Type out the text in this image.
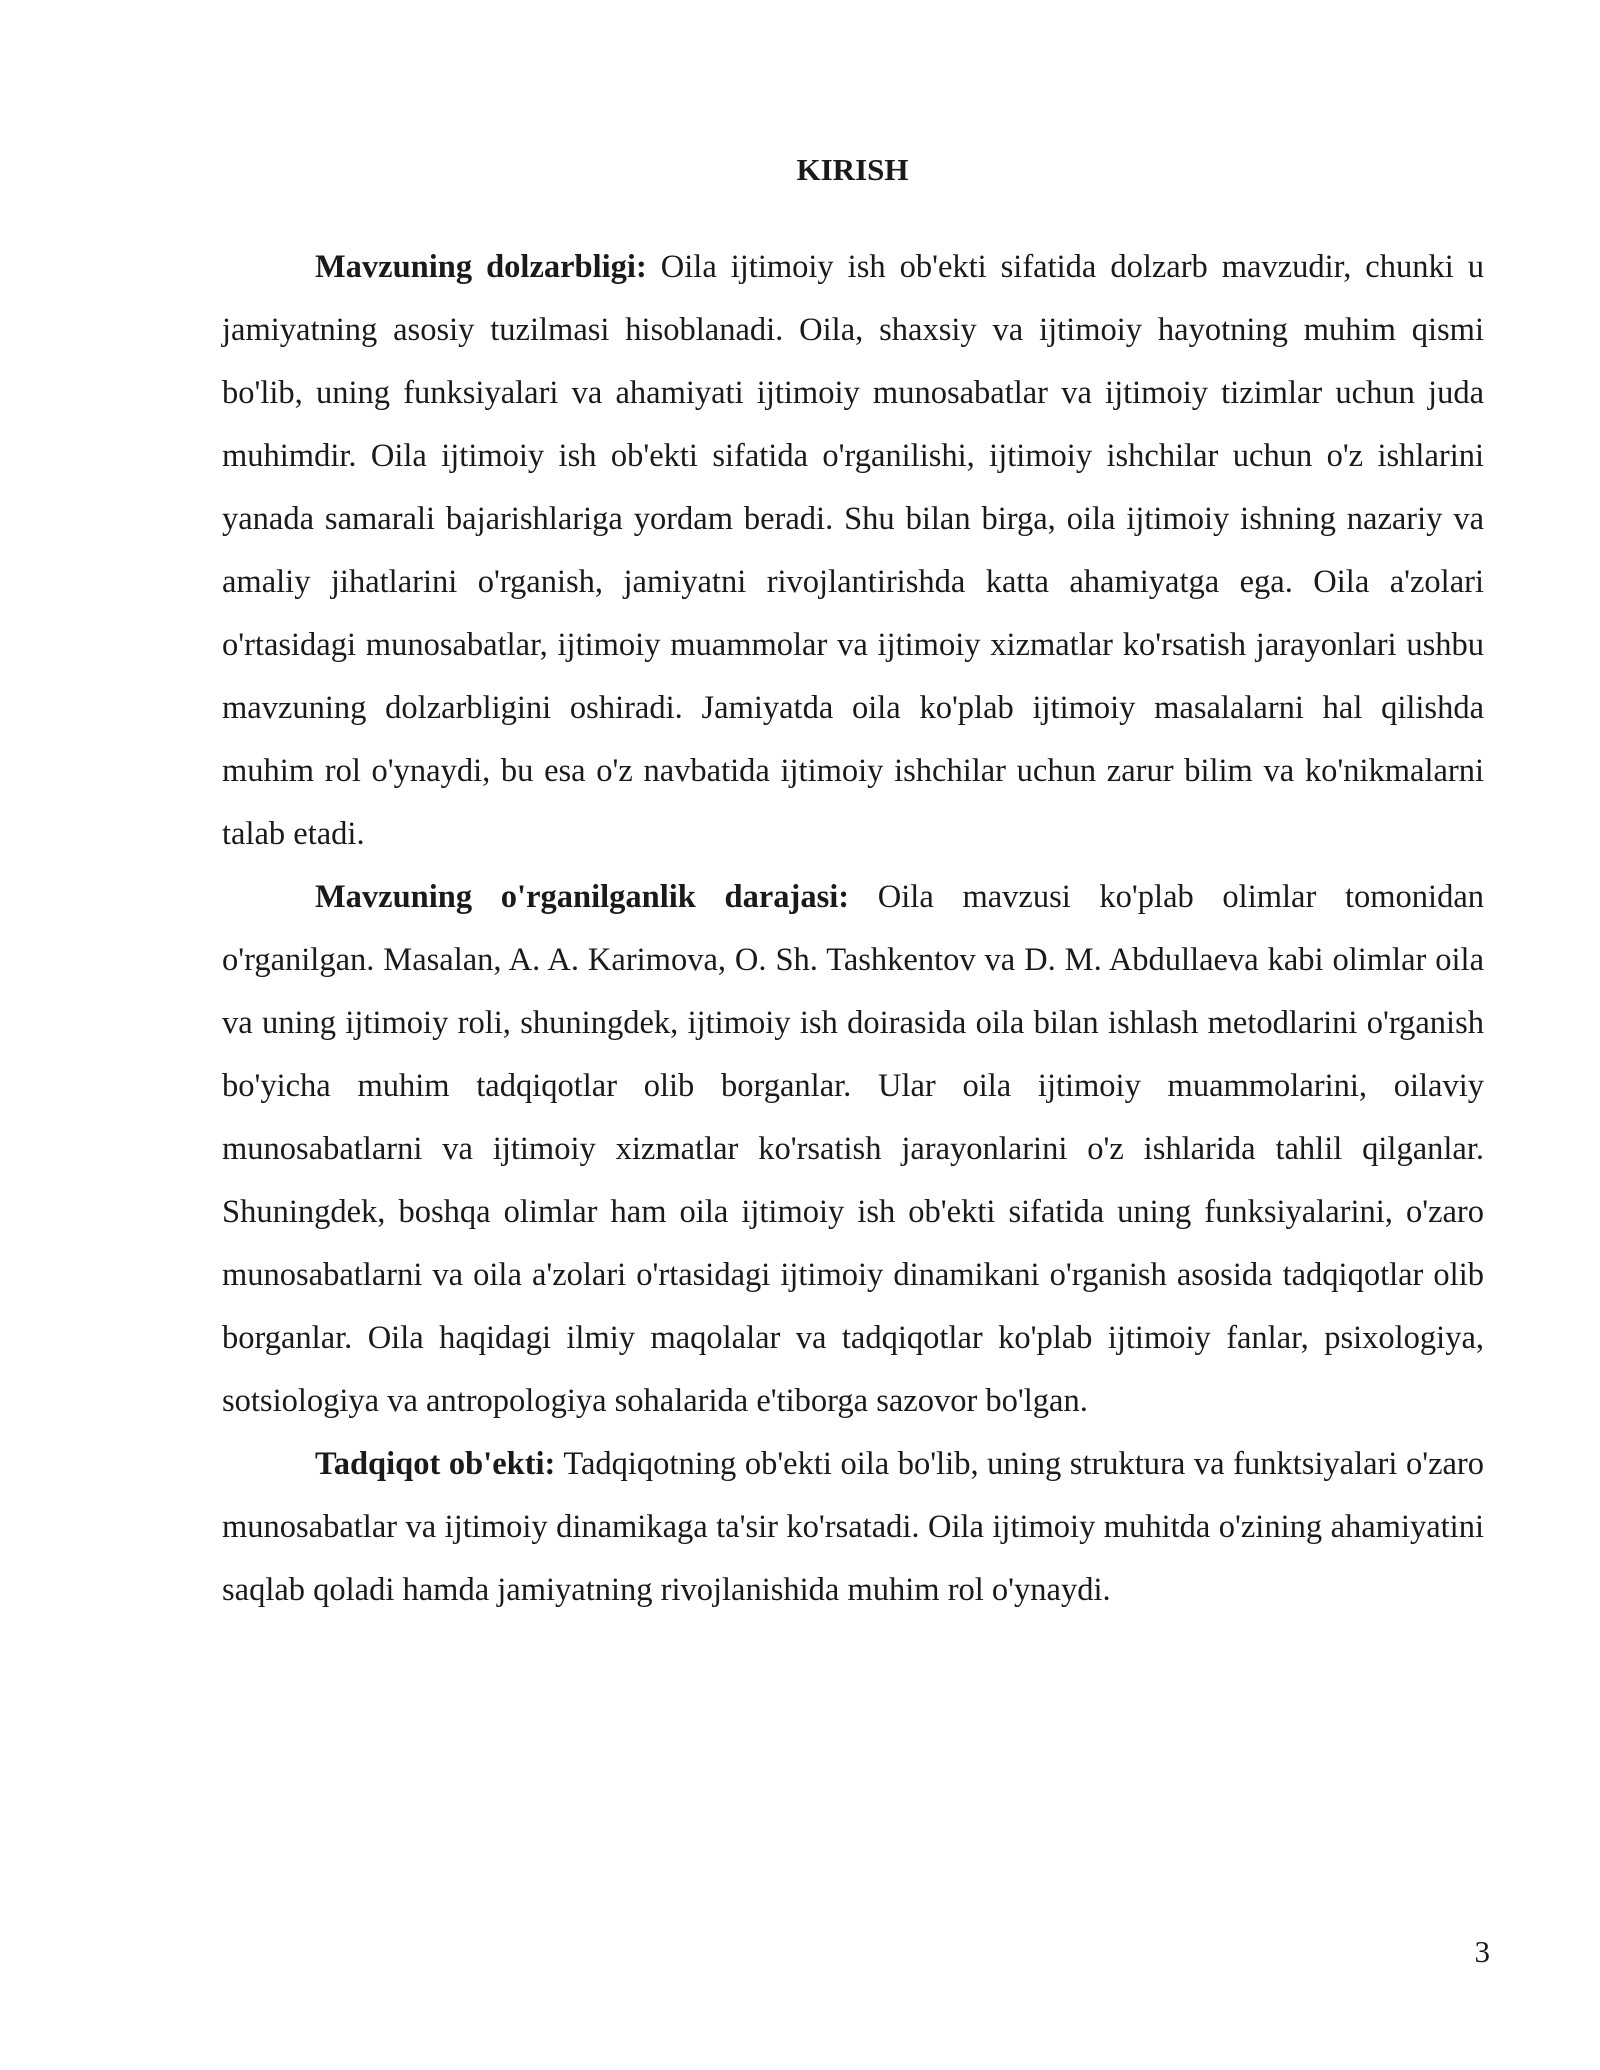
KIRISH

Mavzuning dolzarbligi: Oila ijtimoiy ish ob'ekti sifatida dolzarb mavzudir, chunki u jamiyatning asosiy tuzilmasi hisoblanadi. Oila, shaxsiy va ijtimoiy hayotning muhim qismi bo'lib, uning funksiyalari va ahamiyati ijtimoiy munosabatlar va ijtimoiy tizimlar uchun juda muhimdir. Oila ijtimoiy ish ob'ekti sifatida o'rganilishi, ijtimoiy ishchilar uchun o'z ishlarini yanada samarali bajarishlariga yordam beradi. Shu bilan birga, oila ijtimoiy ishning nazariy va amaliy jihatlarini o'rganish, jamiyatni rivojlantirishda katta ahamiyatga ega. Oila a'zolari o'rtasidagi munosabatlar, ijtimoiy muammolar va ijtimoiy xizmatlar ko'rsatish jarayonlari ushbu mavzuning dolzarbligini oshiradi. Jamiyatda oila ko'plab ijtimoiy masalalarni hal qilishda muhim rol o'ynaydi, bu esa o'z navbatida ijtimoiy ishchilar uchun zarur bilim va ko'nikmalarni talab etadi.

Mavzuning o'rganilganlik darajasi: Oila mavzusi ko'plab olimlar tomonidan o'rganilgan. Masalan, A. A. Karimova, O. Sh. Tashkentov va D. M. Abdullaeva kabi olimlar oila va uning ijtimoiy roli, shuningdek, ijtimoiy ish doirasida oila bilan ishlash metodlarini o'rganish bo'yicha muhim tadqiqotlar olib borganlar. Ular oila ijtimoiy muammolarini, oilaviy munosabatlarni va ijtimoiy xizmatlar ko'rsatish jarayonlarini o'z ishlarida tahlil qilganlar. Shuningdek, boshqa olimlar ham oila ijtimoiy ish ob'ekti sifatida uning funksiyalarini, o'zaro munosabatlarni va oila a'zolari o'rtasidagi ijtimoiy dinamikani o'rganish asosida tadqiqotlar olib borganlar. Oila haqidagi ilmiy maqolalar va tadqiqotlar ko'plab ijtimoiy fanlar, psixologiya, sotsiologiya va antropologiya sohalarida e'tiborga sazovor bo'lgan.

Tadqiqot ob'ekti: Tadqiqotning ob'ekti oila bo'lib, uning struktura va funktsiyalari o'zaro munosabatlar va ijtimoiy dinamikaga ta'sir ko'rsatadi. Oila ijtimoiy muhitda o'zining ahamiyatini saqlab qoladi hamda jamiyatning rivojlanishida muhim rol o'ynaydi.

3
